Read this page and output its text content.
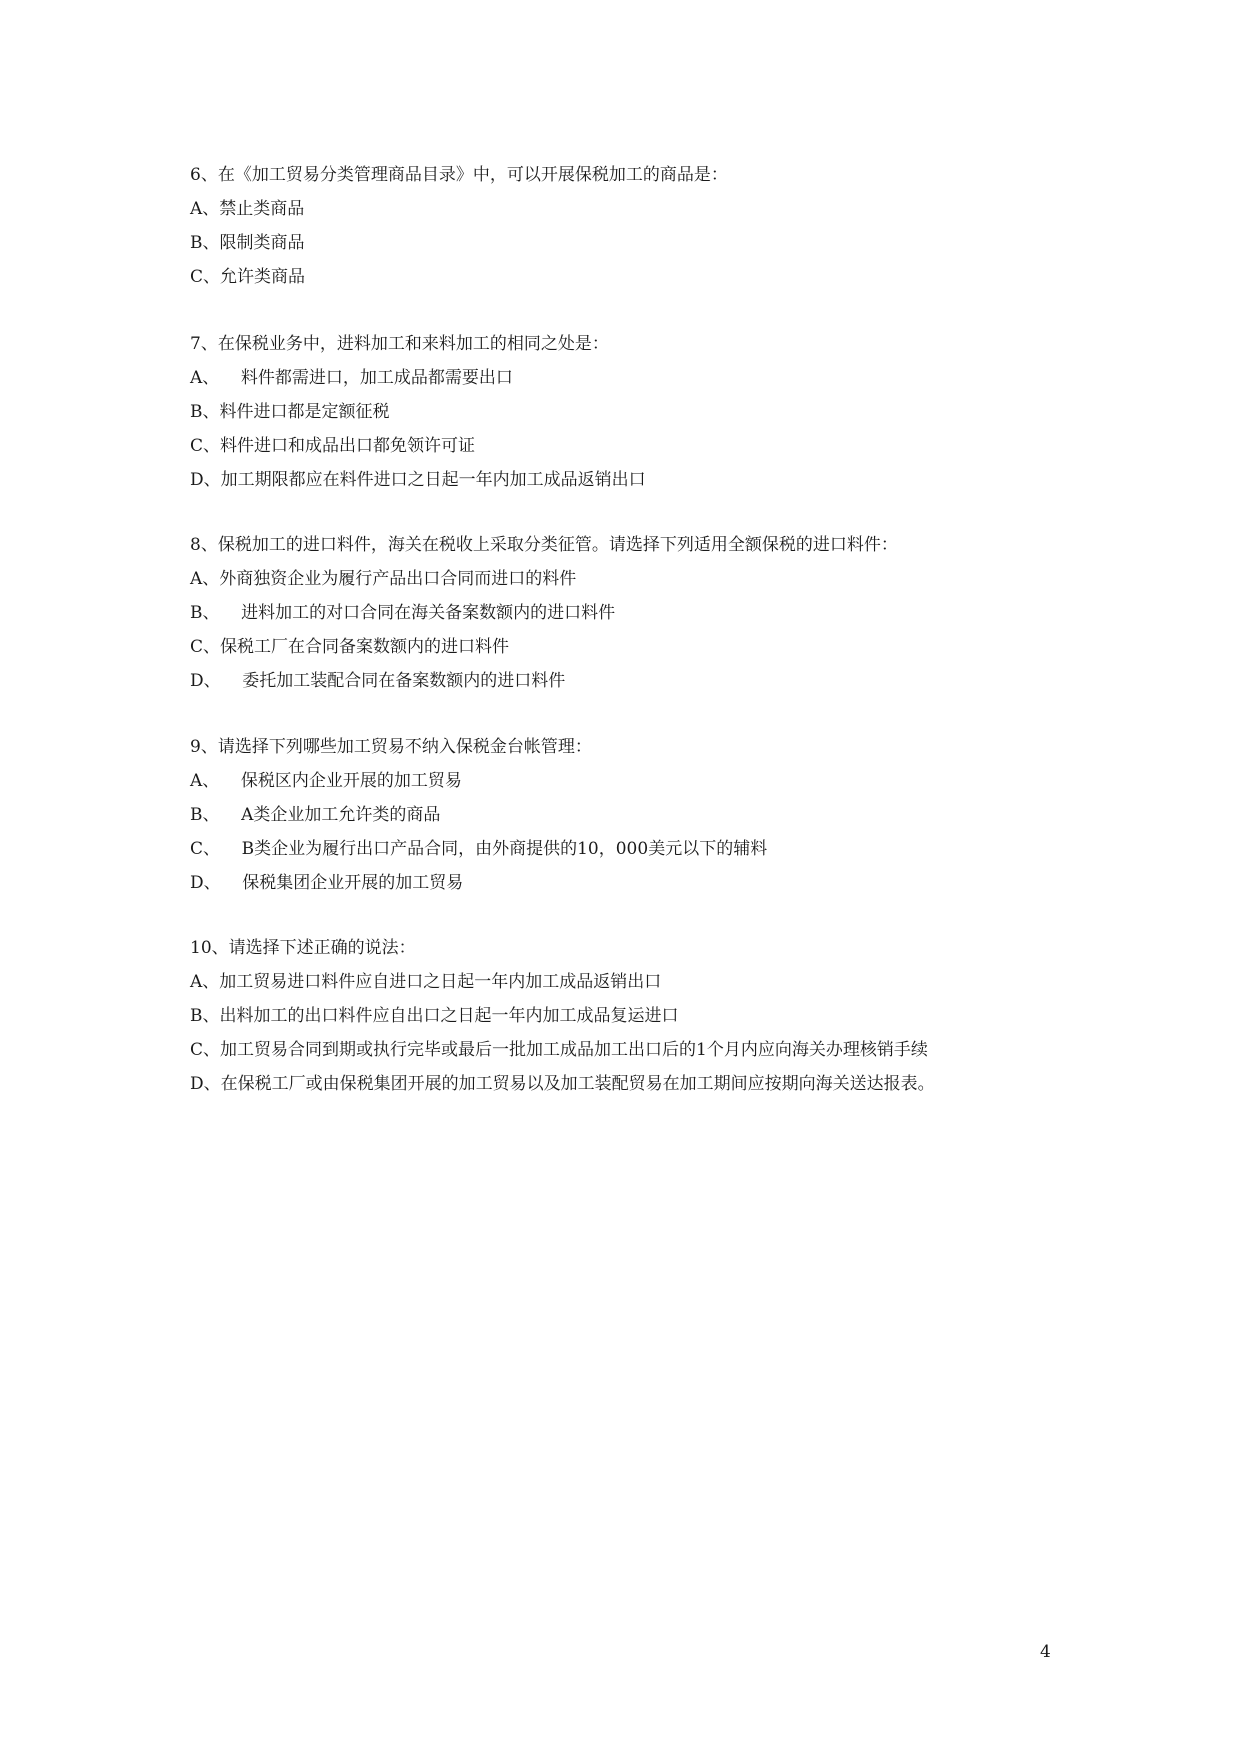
6、在《加工贸易分类管理商品目录》中，可以开展保税加工的商品是：
A、禁止类商品
B、限制类商品
C、允许类商品
7、在保税业务中，进料加工和来料加工的相同之处是：
A、    料件都需进口，加工成品都需要出口
B、料件进口都是定额征税
C、料件进口和成品出口都免领许可证
D、加工期限都应在料件进口之日起一年内加工成品返销出口
8、保税加工的进口料件，海关在税收上采取分类征管。请选择下列适用全额保税的进口料件：
A、外商独资企业为履行产品出口合同而进口的料件
B、    进料加工的对口合同在海关备案数额内的进口料件
C、保税工厂在合同备案数额内的进口料件
D、    委托加工装配合同在备案数额内的进口料件
9、请选择下列哪些加工贸易不纳入保税金台帐管理：
A、    保税区内企业开展的加工贸易
B、    A类企业加工允许类的商品
C、    B类企业为履行出口产品合同，由外商提供的10，000美元以下的辅料
D、    保税集团企业开展的加工贸易
10、请选择下述正确的说法：
A、加工贸易进口料件应自进口之日起一年内加工成品返销出口
B、出料加工的出口料件应自出口之日起一年内加工成品复运进口
C、加工贸易合同到期或执行完毕或最后一批加工成品加工出口后的1个月内应向海关办理核销手续
D、在保税工厂或由保税集团开展的加工贸易以及加工装配贸易在加工期间应按期向海关送达报表。
4
